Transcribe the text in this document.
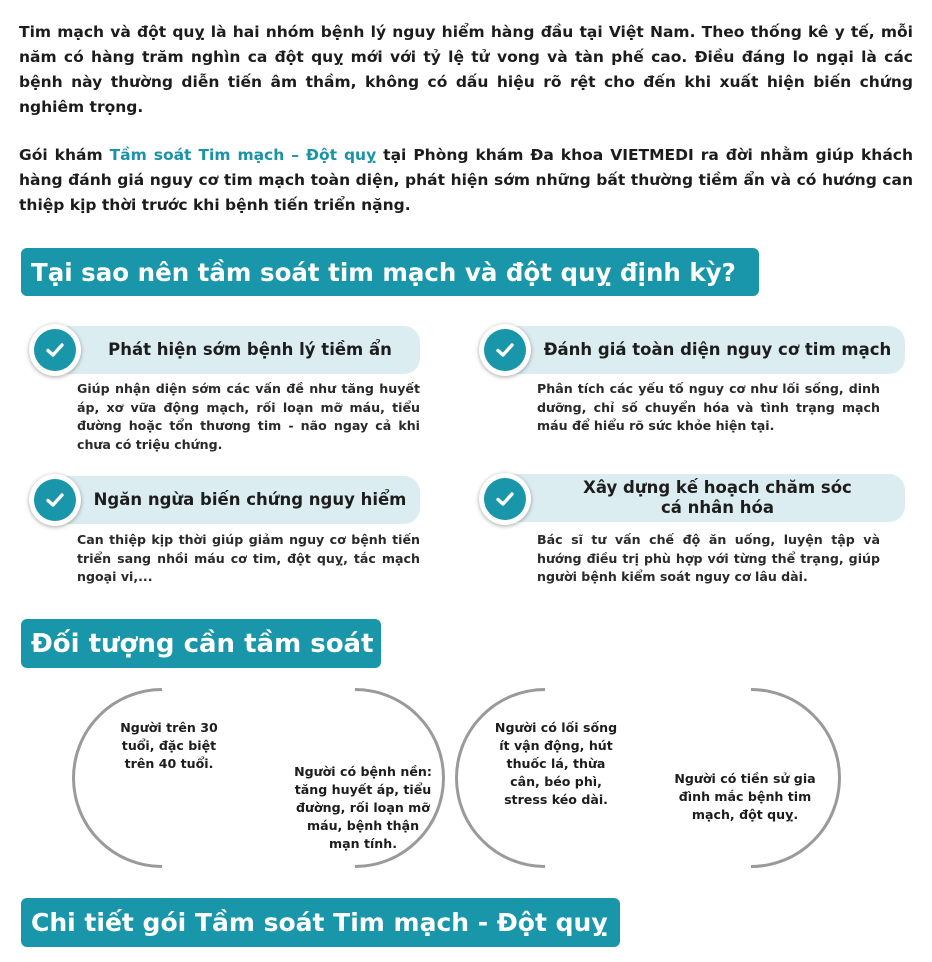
Tim mạch và đột quỵ là hai nhóm bệnh lý nguy hiểm hàng đầu tại Việt Nam. Theo thống kê y tế, mỗi năm có hàng trăm nghìn ca đột quỵ mới với tỷ lệ tử vong và tàn phế cao. Điều đáng lo ngại là các bệnh này thường diễn tiến âm thầm, không có dấu hiệu rõ rệt cho đến khi xuất hiện biến chứng nghiêm trọng.

Gói khám Tầm soát Tim mạch – Đột quỵ tại Phòng khám Đa khoa VIETMEDI ra đời nhằm giúp khách hàng đánh giá nguy cơ tim mạch toàn diện, phát hiện sớm những bất thường tiềm ẩn và có hướng can thiệp kịp thời trước khi bệnh tiến triển nặng.

Tại sao nên tầm soát tim mạch và đột quỵ định kỳ?
Phát hiện sớm bệnh lý tiềm ẩn

Giúp nhận diện sớm các vấn đề như tăng huyết áp, xơ vữa động mạch, rối loạn mỡ máu, tiểu đường hoặc tổn thương tim - não ngay cả khi chưa có triệu chứng.

Đánh giá toàn diện nguy cơ tim mạch

Phân tích các yếu tố nguy cơ như lối sống, dinh dưỡng, chỉ số chuyển hóa và tình trạng mạch máu để hiểu rõ sức khỏe hiện tại.

Ngăn ngừa biến chứng nguy hiểm

Can thiệp kịp thời giúp giảm nguy cơ bệnh tiến triển sang nhồi máu cơ tim, đột quỵ, tắc mạch ngoại vi,...

Xây dựng kế hoạch chăm sóc
cá nhân hóa

Bác sĩ tư vấn chế độ ăn uống, luyện tập và hướng điều trị phù hợp với từng thể trạng, giúp người bệnh kiểm soát nguy cơ lâu dài.

Đối tượng cần tầm soát

Người trên 30 tuổi, đặc biệt trên 40 tuổi.

Người có bệnh nền: tăng huyết áp, tiểu đường, rối loạn mỡ máu, bệnh thận mạn tính.

Người có lối sống ít vận động, hút thuốc lá, thừa cân, béo phì, stress kéo dài.

Người có tiền sử gia đình mắc bệnh tim mạch, đột quỵ.

Chi tiết gói Tầm soát Tim mạch - Đột quỵ
